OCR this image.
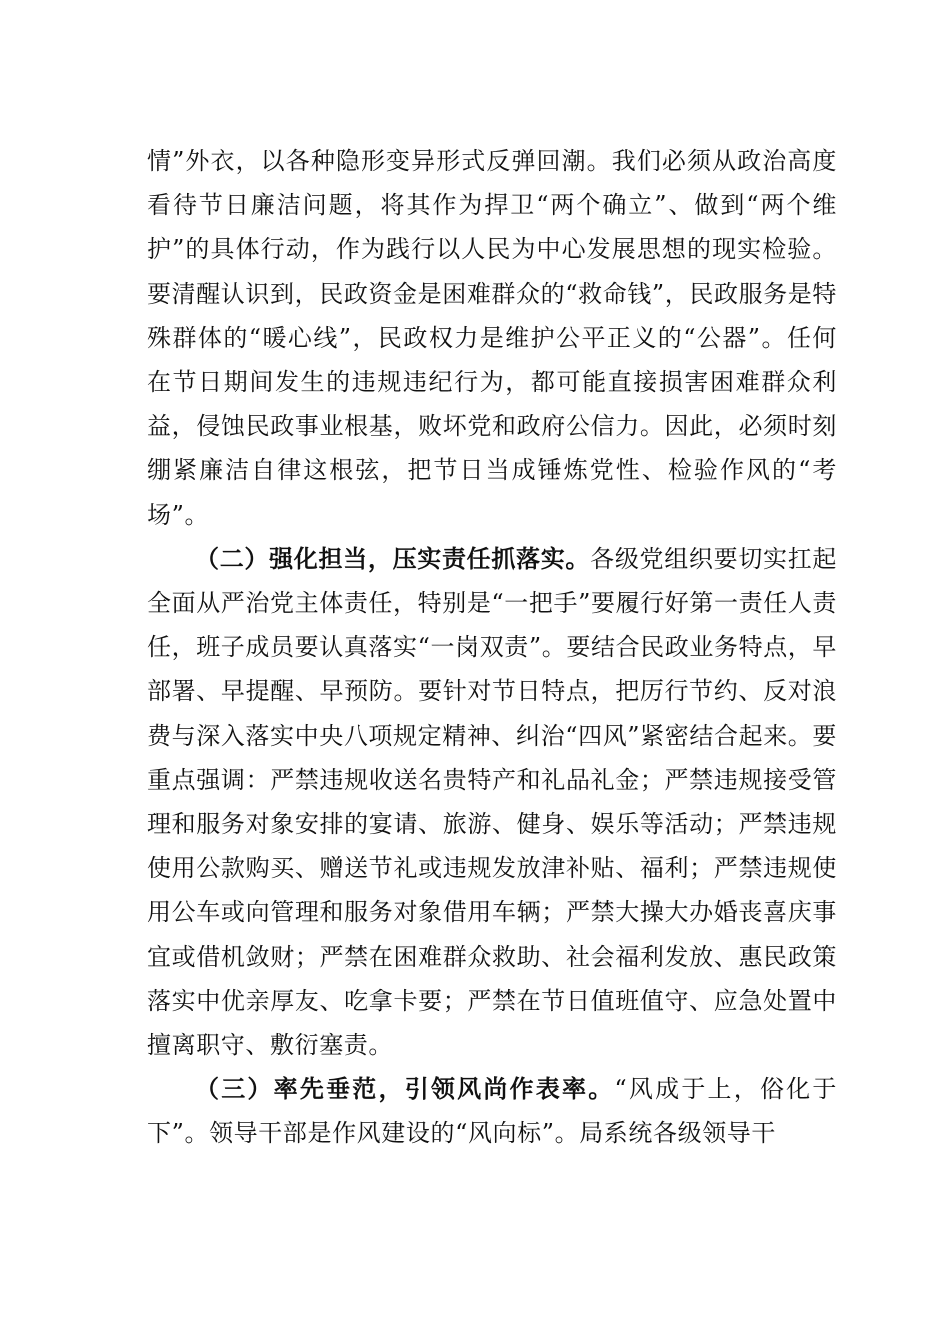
情”外衣，以各种隐形变异形式反弹回潮。我们必须从政治高度看待节日廉洁问题，将其作为捍卫“两个确立”、做到“两个维护”的具体行动，作为践行以人民为中心发展思想的现实检验。要清醒认识到，民政资金是困难群众的“救命钱”，民政服务是特殊群体的“暖心线”，民政权力是维护公平正义的“公器”。任何在节日期间发生的违规违纪行为，都可能直接损害困难群众利益，侵蚀民政事业根基，败坏党和政府公信力。因此，必须时刻绷紧廉洁自律这根弦，把节日当成锤炼党性、检验作风的“考场”。

（二）强化担当，压实责任抓落实。各级党组织要切实扛起全面从严治党主体责任，特别是“一把手”要履行好第一责任人责任，班子成员要认真落实“一岗双责”。要结合民政业务特点，早部署、早提醒、早预防。要针对节日特点，把厉行节约、反对浪费与深入落实中央八项规定精神、纠治“四风”紧密结合起来。要重点强调：严禁违规收送名贵特产和礼品礼金；严禁违规接受管理和服务对象安排的宴请、旅游、健身、娱乐等活动；严禁违规使用公款购买、赠送节礼或违规发放津补贴、福利；严禁违规使用公车或向管理和服务对象借用车辆；严禁大操大办婚丧喜庆事宜或借机敛财；严禁在困难群众救助、社会福利发放、惠民政策落实中优亲厚友、吃拿卡要；严禁在节日值班值守、应急处置中擅离职守、敷衍塞责。

（三）率先垂范，引领风尚作表率。“风成于上，俗化于下”。领导干部是作风建设的“风向标”。局系统各级领导干
